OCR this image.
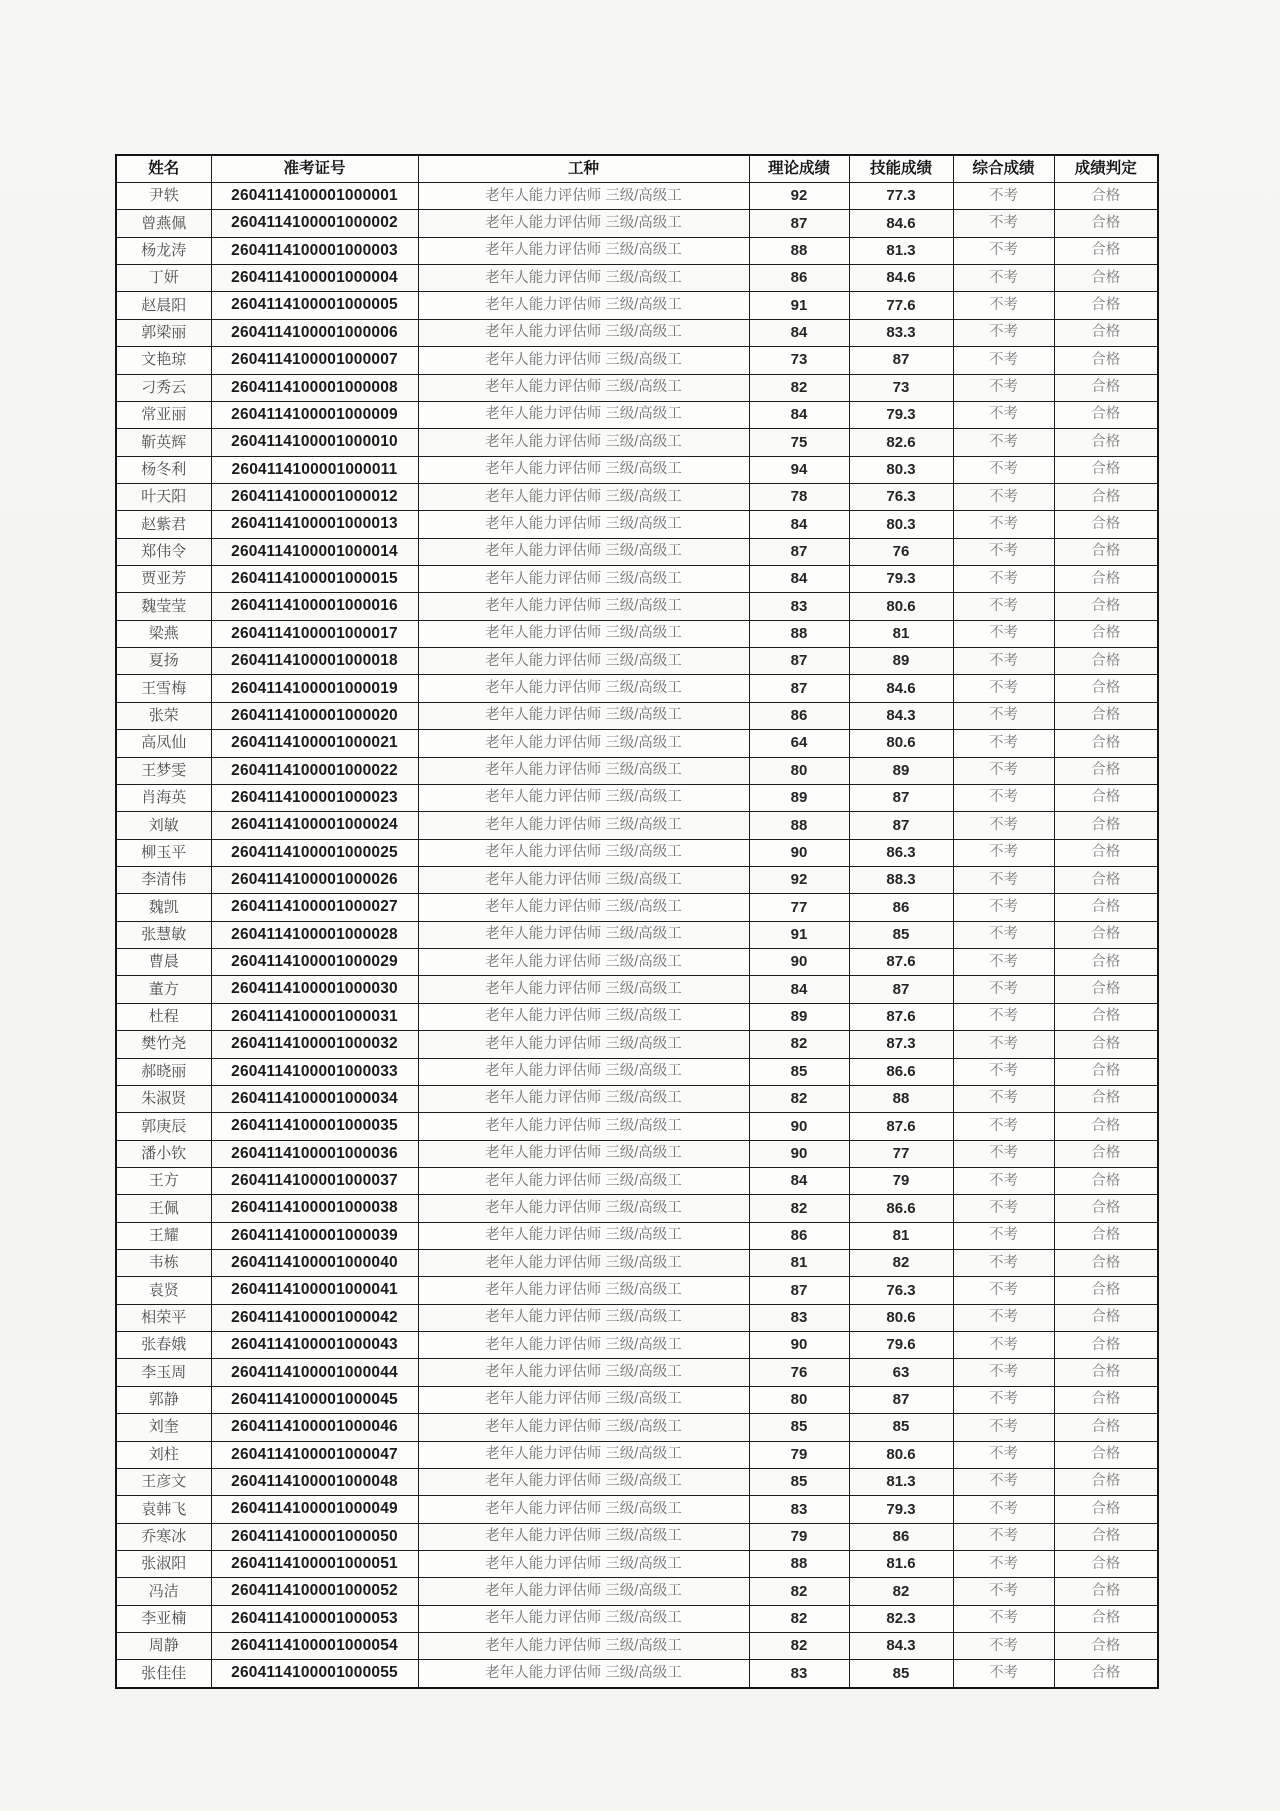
姓名	准考证号	工种	理论成绩	技能成绩	综合成绩	成绩判定
尹轶	2604114100001000001	老年人能力评估师 三级/高级工	92	77.3	不考	合格
曾燕佩	2604114100001000002	老年人能力评估师 三级/高级工	87	84.6	不考	合格
杨龙涛	2604114100001000003	老年人能力评估师 三级/高级工	88	81.3	不考	合格
丁妍	2604114100001000004	老年人能力评估师 三级/高级工	86	84.6	不考	合格
赵晨阳	2604114100001000005	老年人能力评估师 三级/高级工	91	77.6	不考	合格
郭梁丽	2604114100001000006	老年人能力评估师 三级/高级工	84	83.3	不考	合格
文艳琼	2604114100001000007	老年人能力评估师 三级/高级工	73	87	不考	合格
刁秀云	2604114100001000008	老年人能力评估师 三级/高级工	82	73	不考	合格
常亚丽	2604114100001000009	老年人能力评估师 三级/高级工	84	79.3	不考	合格
靳英辉	2604114100001000010	老年人能力评估师 三级/高级工	75	82.6	不考	合格
杨冬利	2604114100001000011	老年人能力评估师 三级/高级工	94	80.3	不考	合格
叶天阳	2604114100001000012	老年人能力评估师 三级/高级工	78	76.3	不考	合格
赵紫君	2604114100001000013	老年人能力评估师 三级/高级工	84	80.3	不考	合格
郑伟令	2604114100001000014	老年人能力评估师 三级/高级工	87	76	不考	合格
贾亚芳	2604114100001000015	老年人能力评估师 三级/高级工	84	79.3	不考	合格
魏莹莹	2604114100001000016	老年人能力评估师 三级/高级工	83	80.6	不考	合格
梁燕	2604114100001000017	老年人能力评估师 三级/高级工	88	81	不考	合格
夏扬	2604114100001000018	老年人能力评估师 三级/高级工	87	89	不考	合格
王雪梅	2604114100001000019	老年人能力评估师 三级/高级工	87	84.6	不考	合格
张荣	2604114100001000020	老年人能力评估师 三级/高级工	86	84.3	不考	合格
高凤仙	2604114100001000021	老年人能力评估师 三级/高级工	64	80.6	不考	合格
王梦雯	2604114100001000022	老年人能力评估师 三级/高级工	80	89	不考	合格
肖海英	2604114100001000023	老年人能力评估师 三级/高级工	89	87	不考	合格
刘敏	2604114100001000024	老年人能力评估师 三级/高级工	88	87	不考	合格
柳玉平	2604114100001000025	老年人能力评估师 三级/高级工	90	86.3	不考	合格
李清伟	2604114100001000026	老年人能力评估师 三级/高级工	92	88.3	不考	合格
魏凯	2604114100001000027	老年人能力评估师 三级/高级工	77	86	不考	合格
张慧敏	2604114100001000028	老年人能力评估师 三级/高级工	91	85	不考	合格
曹晨	2604114100001000029	老年人能力评估师 三级/高级工	90	87.6	不考	合格
董方	2604114100001000030	老年人能力评估师 三级/高级工	84	87	不考	合格
杜程	2604114100001000031	老年人能力评估师 三级/高级工	89	87.6	不考	合格
樊竹尧	2604114100001000032	老年人能力评估师 三级/高级工	82	87.3	不考	合格
郝晓丽	2604114100001000033	老年人能力评估师 三级/高级工	85	86.6	不考	合格
朱淑贤	2604114100001000034	老年人能力评估师 三级/高级工	82	88	不考	合格
郭庚辰	2604114100001000035	老年人能力评估师 三级/高级工	90	87.6	不考	合格
潘小钦	2604114100001000036	老年人能力评估师 三级/高级工	90	77	不考	合格
王方	2604114100001000037	老年人能力评估师 三级/高级工	84	79	不考	合格
王佩	2604114100001000038	老年人能力评估师 三级/高级工	82	86.6	不考	合格
王耀	2604114100001000039	老年人能力评估师 三级/高级工	86	81	不考	合格
韦栋	2604114100001000040	老年人能力评估师 三级/高级工	81	82	不考	合格
袁贤	2604114100001000041	老年人能力评估师 三级/高级工	87	76.3	不考	合格
相荣平	2604114100001000042	老年人能力评估师 三级/高级工	83	80.6	不考	合格
张春娥	2604114100001000043	老年人能力评估师 三级/高级工	90	79.6	不考	合格
李玉周	2604114100001000044	老年人能力评估师 三级/高级工	76	63	不考	合格
郭静	2604114100001000045	老年人能力评估师 三级/高级工	80	87	不考	合格
刘奎	2604114100001000046	老年人能力评估师 三级/高级工	85	85	不考	合格
刘柱	2604114100001000047	老年人能力评估师 三级/高级工	79	80.6	不考	合格
王彦文	2604114100001000048	老年人能力评估师 三级/高级工	85	81.3	不考	合格
袁韩飞	2604114100001000049	老年人能力评估师 三级/高级工	83	79.3	不考	合格
乔寒冰	2604114100001000050	老年人能力评估师 三级/高级工	79	86	不考	合格
张淑阳	2604114100001000051	老年人能力评估师 三级/高级工	88	81.6	不考	合格
冯洁	2604114100001000052	老年人能力评估师 三级/高级工	82	82	不考	合格
李亚楠	2604114100001000053	老年人能力评估师 三级/高级工	82	82.3	不考	合格
周静	2604114100001000054	老年人能力评估师 三级/高级工	82	84.3	不考	合格
张佳佳	2604114100001000055	老年人能力评估师 三级/高级工	83	85	不考	合格
